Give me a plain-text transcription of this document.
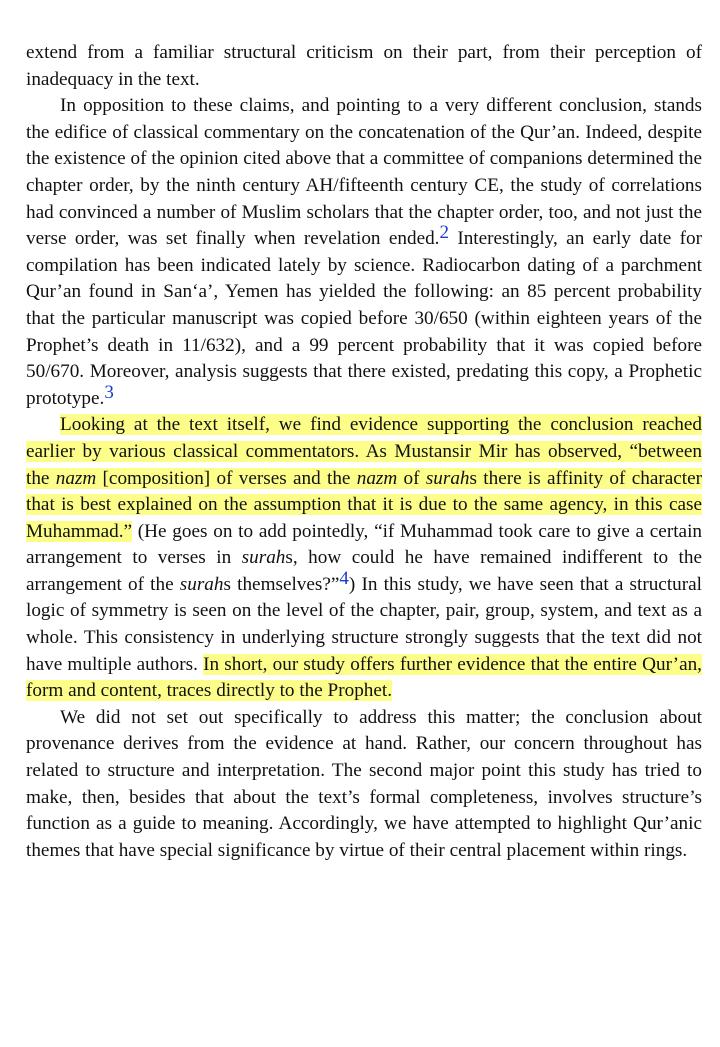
extend from a familiar structural criticism on their part, from their perception of inadequacy in the text.

In opposition to these claims, and pointing to a very different conclusion, stands the edifice of classical commentary on the concatenation of the Qur’an. Indeed, despite the existence of the opinion cited above that a committee of companions determined the chapter order, by the ninth century AH/fifteenth century CE, the study of correlations had convinced a number of Muslim scholars that the chapter order, too, and not just the verse order, was set finally when revelation ended.2 Interestingly, an early date for compilation has been indicated lately by science. Radiocarbon dating of a parchment Qur’an found in San‘a’, Yemen has yielded the following: an 85 percent probability that the particular manuscript was copied before 30/650 (within eighteen years of the Prophet’s death in 11/632), and a 99 percent probability that it was copied before 50/670. Moreover, analysis suggests that there existed, predating this copy, a Prophetic prototype.3

Looking at the text itself, we find evidence supporting the conclusion reached earlier by various classical commentators. As Mustansir Mir has observed, “between the nazm [composition] of verses and the nazm of surahs there is affinity of character that is best explained on the assumption that it is due to the same agency, in this case Muhammad.” (He goes on to add pointedly, “if Muhammad took care to give a certain arrangement to verses in surahs, how could he have remained indifferent to the arrangement of the surahs themselves?”4) In this study, we have seen that a structural logic of symmetry is seen on the level of the chapter, pair, group, system, and text as a whole. This consistency in underlying structure strongly suggests that the text did not have multiple authors. In short, our study offers further evidence that the entire Qur’an, form and content, traces directly to the Prophet.

We did not set out specifically to address this matter; the conclusion about provenance derives from the evidence at hand. Rather, our concern throughout has related to structure and interpretation. The second major point this study has tried to make, then, besides that about the text’s formal completeness, involves structure’s function as a guide to meaning. Accordingly, we have attempted to highlight Qur’anic themes that have special significance by virtue of their central placement within rings.
